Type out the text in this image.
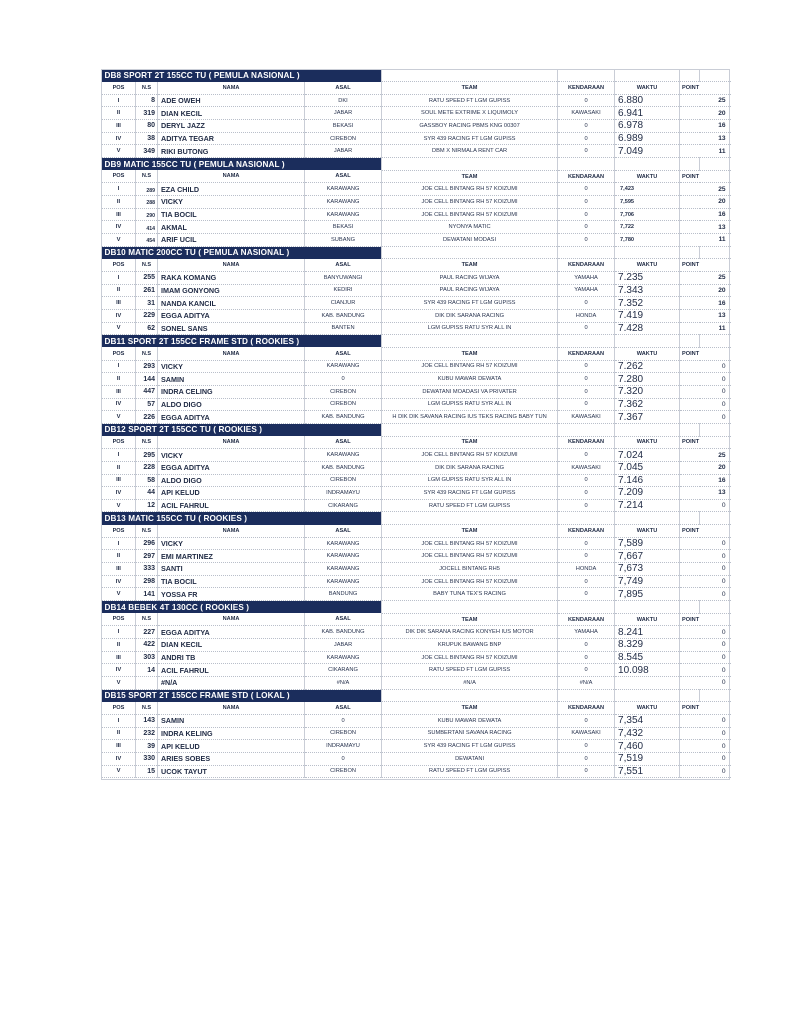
DB8 SPORT 2T 155CC TU ( PEMULA NASIONAL )								
POS	N.S	NAMA	ASAL	TEAM	KENDARAAN	WAKTU	POINT	
I	8	ADE OWEH	DKI	RATU SPEED FT LGM GUPISS	0	6.880	25	
II	319	DIAN KECIL	JABAR	SOUL METE EXTRIME X LIQUIMOLY	KAWASAKI	6.941	20	
III	80	DERYL JAZZ	BEKASI	GASSBOY RACING PBMS KNG 00307	0	6.978	16	
IV	38	ADITYA TEGAR	CIREBON	SYR 439 RACING FT LGM GUPISS	0	6.989	13	
V	349	RIKI BUTONG	JABAR	DBM X NIRMALA RENT CAR	0	7.049	11	
DB9 MATIC 155CC TU ( PEMULA NASIONAL )								
POS	N.S	NAMA	ASAL	TEAM	KENDARAAN	WAKTU	POINT	
I	289	EZA CHILD	KARAWANG	JOE CELL BINTANG RH 57 KOIZUMI	0	7,423	25	
II	288	VICKY	KARAWANG	JOE CELL BINTANG RH 57 KOIZUMI	0	7,595	20	
III	290	TIA BOCIL	KARAWANG	JOE CELL BINTANG RH 57 KOIZUMI	0	7,706	16	
IV	414	AKMAL	BEKASI	NYONYA MATIC	0	7,722	13	
V	454	ARIF UCIL	SUBANG	DEWATANI MODASI	0	7,780	11	
DB10 MATIC 200CC TU ( PEMULA NASIONAL )								
POS	N.S	NAMA	ASAL	TEAM	KENDARAAN	WAKTU	POINT	
I	255	RAKA KOMANG	BANYUWANGI	PAUL RACING WIJAYA	YAMAHA	7.235	25	
II	261	IMAM GONYONG	KEDIRI	PAUL RACING WIJAYA	YAMAHA	7.343	20	
III	31	NANDA KANCIL	CIANJUR	SYR 439 RACING FT LGM GUPISS	0	7.352	16	
IV	229	EGGA ADITYA	KAB. BANDUNG	DIK DIK SARANA RACING	HONDA	7.419	13	
V	62	SONEL SANS	BANTEN	LGM GUPISS RATU SYR ALL IN	0	7.428	11	
DB11 SPORT 2T 155CC FRAME STD ( ROOKIES )								
POS	N.S	NAMA	ASAL	TEAM	KENDARAAN	WAKTU	POINT	
I	293	VICKY	KARAWANG	JOE CELL BINTANG RH 57 KOIZUMI	0	7.262	0	
II	144	SAMIN	0	KUBU MAWAR DEWATA	0	7.280	0	
III	447	INDRA CELING	CIREBON	DEWATANI MOADASI VA PRIVATER	0	7.320	0	
IV	57	ALDO DIGO	CIREBON	LGM GUPISS RATU SYR ALL IN	0	7.362	0	
V	226	EGGA ADITYA	KAB. BANDUNG	H DIK DIK SAVANA RACING IUS TEKS RACING BABY TUN	KAWASAKI	7.367	0	
DB12 SPORT 2T 155CC TU ( ROOKIES )								
POS	N.S	NAMA	ASAL	TEAM	KENDARAAN	WAKTU	POINT	
I	295	VICKY	KARAWANG	JOE CELL BINTANG RH 57 KOIZUMI	0	7.024	25	
II	228	EGGA ADITYA	KAB. BANDUNG	DIK DIK SARANA RACING	KAWASAKI	7.045	20	
III	58	ALDO DIGO	CIREBON	LGM GUPISS RATU SYR ALL IN	0	7.146	16	
IV	44	API KELUD	INDRAMAYU	SYR 439 RACING FT LGM GUPISS	0	7.209	13	
V	12	ACIL FAHRUL	CIKARANG	RATU SPEED FT LGM GUPISS	0	7.214	0	
DB13 MATIC 155CC TU ( ROOKIES )								
POS	N.S	NAMA	ASAL	TEAM	KENDARAAN	WAKTU	POINT	
I	296	VICKY	KARAWANG	JOE CELL BINTANG RH 57 KOIZUMI	0	7,589	0	
II	297	EMI MARTINEZ	KARAWANG	JOE CELL BINTANG RH 57 KOIZUMI	0	7,667	0	
III	333	SANTI	KARAWANG	JOCELL BINTANG RH5	HONDA	7,673	0	
IV	298	TIA BOCIL	KARAWANG	JOE CELL BINTANG RH 57 KOIZUMI	0	7,749	0	
V	141	YOSSA FR	BANDUNG	BABY TUNA TEX'S RACING	0	7,895	0	
DB14 BEBEK 4T 130CC ( ROOKIES )								
POS	N.S	NAMA	ASAL	TEAM	KENDARAAN	WAKTU	POINT	
I	227	EGGA ADITYA	KAB. BANDUNG	DIK DIK SARANA RACING KONYEH IUS MOTOR	YAMAHA	8.241	0	
II	422	DIAN KECIL	JABAR	KRUPUK BAWANG BNP	0	8.329	0	
III	303	ANDRI TB	KARAWANG	JOE CELL BINTANG RH 57 KOIZUMI	0	8.545	0	
IV	14	ACIL FAHRUL	CIKARANG	RATU SPEED FT LGM GUPISS	0	10.098	0	
V		#N/A	#N/A	#N/A	#N/A		0	
DB15 SPORT 2T 155CC FRAME STD ( LOKAL )								
POS	N.S	NAMA	ASAL	TEAM	KENDARAAN	WAKTU	POINT	
I	143	SAMIN	0	KUBU MAWAR DEWATA	0	7,354	0	
II	232	INDRA KELING	CIREBON	SUMBERTANI SAVANA RACING	KAWASAKI	7,432	0	
III	39	API KELUD	INDRAMAYU	SYR 439 RACING FT LGM GUPISS	0	7,460	0	
IV	330	ARIES SOBES	0	DEWATANI	0	7,519	0	
V	15	UCOK TAYUT	CIREBON	RATU SPEED FT LGM GUPISS	0	7,551	0	
